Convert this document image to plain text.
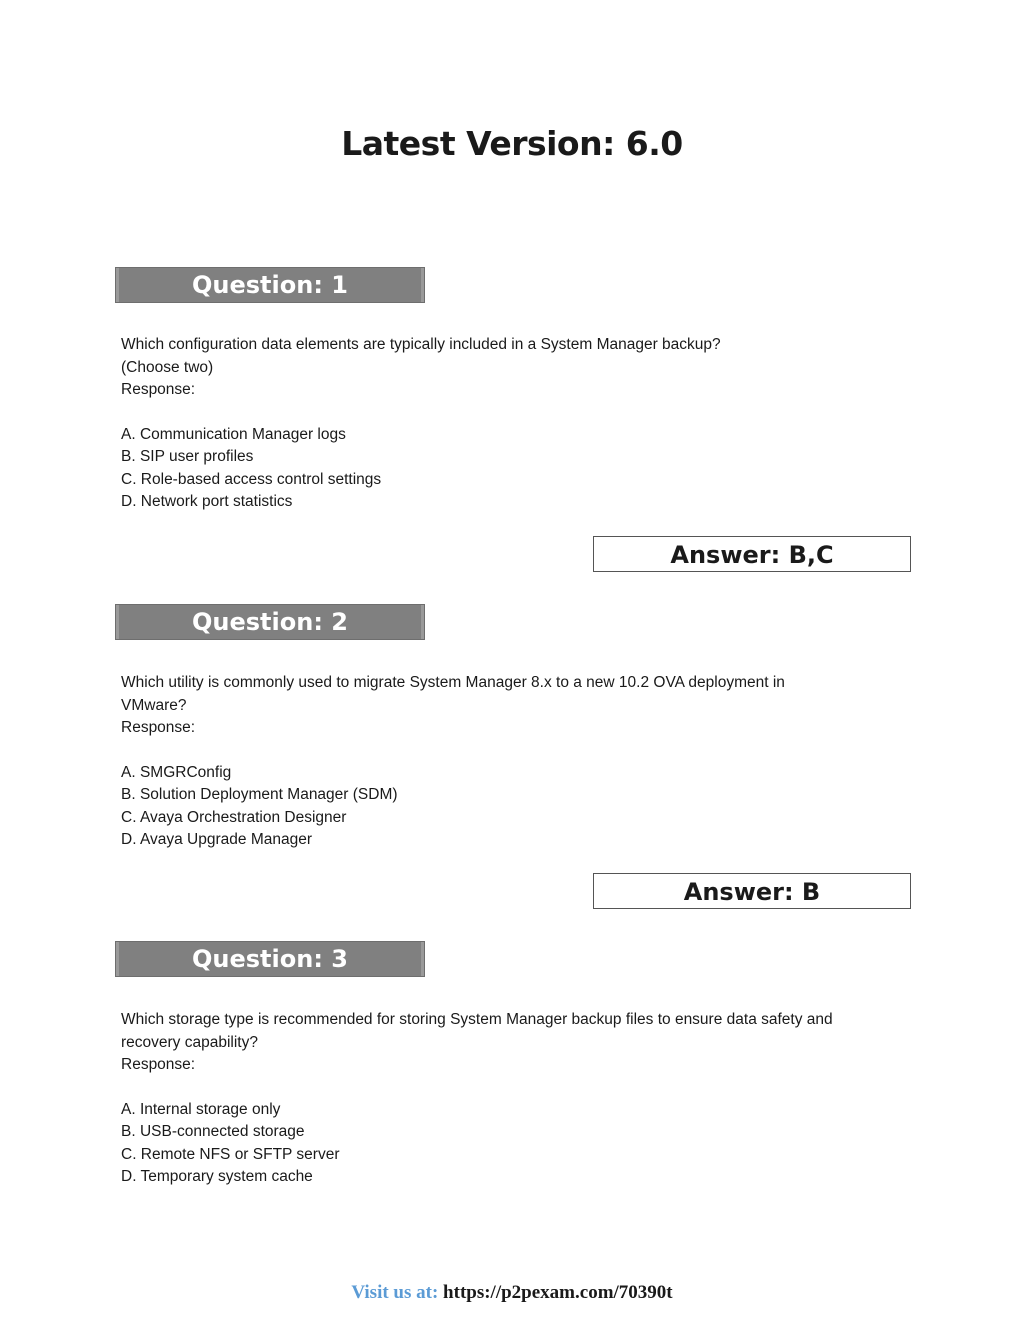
Latest Version: 6.0
Question: 1

Which configuration data elements are typically included in a System Manager backup?

(Choose two)

Response:

A. Communication Manager logs
B. SIP user profiles
C. Role-based access control settings
D. Network port statistics
Answer: B,C
Question: 2

Which utility is commonly used to migrate System Manager 8.x to a new 10.2 OVA deployment in

VMware?

Response:

A. SMGRConfig
B. Solution Deployment Manager (SDM)
C. Avaya Orchestration Designer
D. Avaya Upgrade Manager
Answer: B
Question: 3

Which storage type is recommended for storing System Manager backup files to ensure data safety and

recovery capability?

Response:

A. Internal storage only
B. USB-connected storage
C. Remote NFS or SFTP server
D. Temporary system cache
Visit us at: https://p2pexam.com/70390t
